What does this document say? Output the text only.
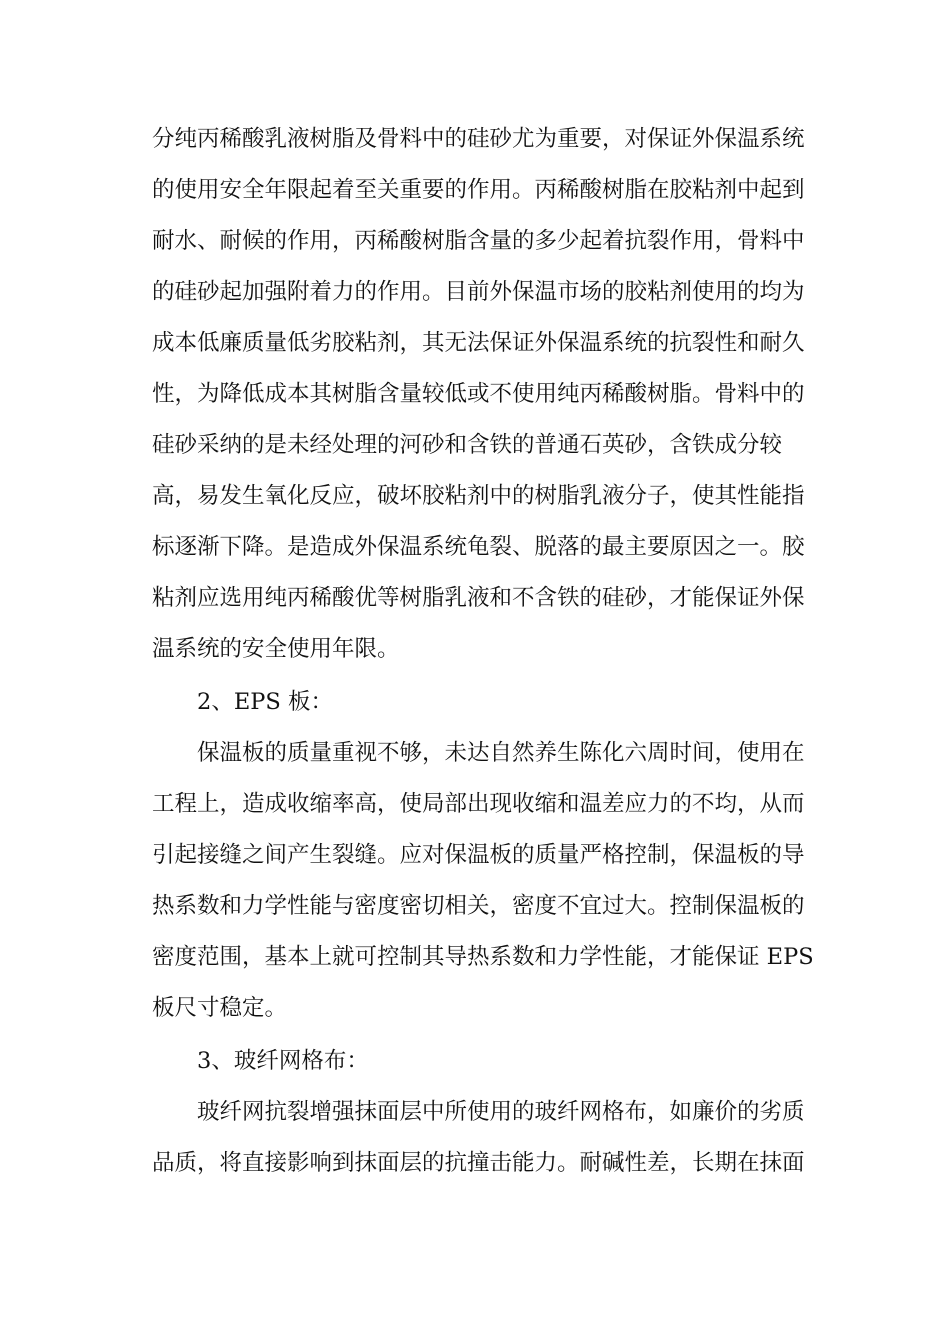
分纯丙稀酸乳液树脂及骨料中的硅砂尤为重要，对保证外保温系统
的使用安全年限起着至关重要的作用。丙稀酸树脂在胶粘剂中起到
耐水、耐候的作用，丙稀酸树脂含量的多少起着抗裂作用，骨料中
的硅砂起加强附着力的作用。目前外保温市场的胶粘剂使用的均为
成本低廉质量低劣胶粘剂，其无法保证外保温系统的抗裂性和耐久
性，为降低成本其树脂含量较低或不使用纯丙稀酸树脂。骨料中的
硅砂采纳的是未经处理的河砂和含铁的普通石英砂，含铁成分较
高，易发生氧化反应，破坏胶粘剂中的树脂乳液分子，使其性能指
标逐渐下降。是造成外保温系统龟裂、脱落的最主要原因之一。胶
粘剂应选用纯丙稀酸优等树脂乳液和不含铁的硅砂，才能保证外保
温系统的安全使用年限。
2、EPS 板：
保温板的质量重视不够，未达自然养生陈化六周时间，使用在
工程上，造成收缩率高，使局部出现收缩和温差应力的不均，从而
引起接缝之间产生裂缝。应对保温板的质量严格控制，保温板的导
热系数和力学性能与密度密切相关，密度不宜过大。控制保温板的
密度范围，基本上就可控制其导热系数和力学性能，才能保证 EPS
板尺寸稳定。
3、玻纤网格布：
玻纤网抗裂增强抹面层中所使用的玻纤网格布，如廉价的劣质
品质，将直接影响到抹面层的抗撞击能力。耐碱性差，长期在抹面
